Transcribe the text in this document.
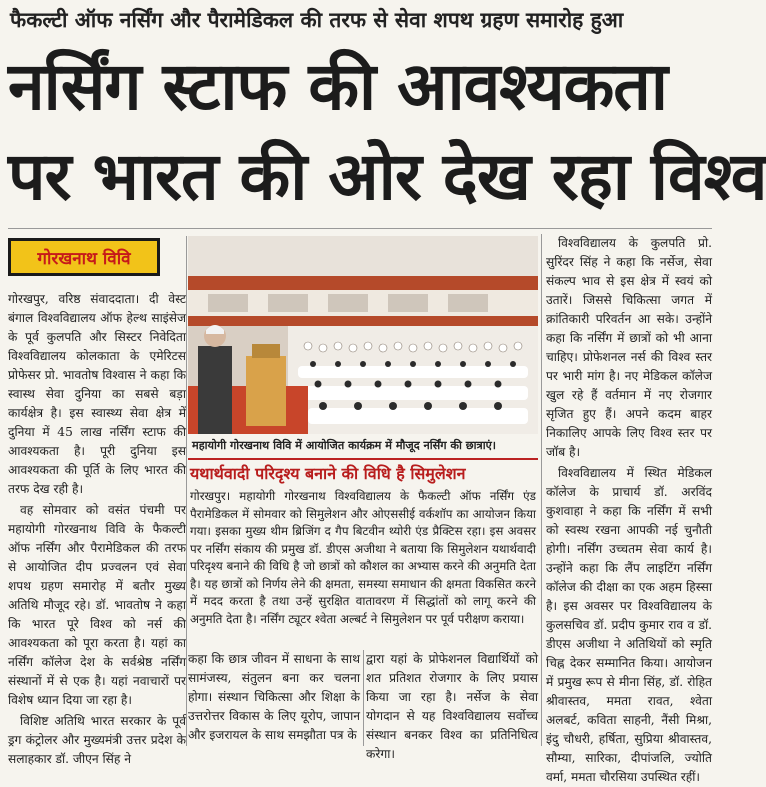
फैकल्टी ऑफ नर्सिंग और पैरामेडिकल की तरफ से सेवा शपथ ग्रहण समारोह हुआ
नर्सिंग स्टाफ की आवश्यकता
पर भारत की ओर देख रहा विश्व
गोरखनाथ विवि

गोरखपुर, वरिष्ठ संवाददाता। दी वेस्ट बंगाल विश्वविद्यालय ऑफ हेल्थ साइंसेज के पूर्व कुलपति और सिस्टर निवेदिता विश्वविद्यालय कोलकाता के एमेरिटस प्रोफेसर प्रो. भावतोष विश्वास ने कहा कि स्वास्थ सेवा दुनिया का सबसे बड़ा कार्यक्षेत्र है। इस स्वास्थ्य सेवा क्षेत्र में दुनिया में 45 लाख नर्सिंग स्टाफ की आवश्यकता है। पूरी दुनिया इस आवश्यकता की पूर्ति के लिए भारत की तरफ देख रही है।

वह सोमवार को वसंत पंचमी पर महायोगी गोरखनाथ विवि के फैकल्टी ऑफ नर्सिंग और पैरामेडिकल की तरफ से आयोजित दीप प्रज्वलन एवं सेवा शपथ ग्रहण समारोह में बतौर मुख्य अतिथि मौजूद रहे। डॉ. भावतोष ने कहा कि भारत पूरे विश्व को नर्स की आवश्यकता को पूरा करता है। यहां का नर्सिंग कॉलेज देश के सर्वश्रेष्ठ नर्सिंग संस्थानों में से एक है। यहां नवाचारों पर विशेष ध्यान दिया जा रहा है।

विशिष्ट अतिथि भारत सरकार के पूर्व ड्रग कंट्रोलर और मुख्यमंत्री उत्तर प्रदेश के सलाहकार डॉ. जीएन सिंह ने

महायोगी गोरखनाथ विवि में आयोजित कार्यक्रम में मौजूद नर्सिंग की छात्राएं।
यथार्थवादी परिदृश्य बनाने की विधि है सिमुलेशन
गोरखपुर। महायोगी गोरखनाथ विश्वविद्यालय के फैकल्टी ऑफ नर्सिंग एंड पैरामेडिकल में सोमवार को सिमुलेशन और ओएससीई वर्कशॉप का आयोजन किया गया। इसका मुख्य थीम ब्रिजिंग द गैप बिटवीन थ्योरी एंड प्रैक्टिस रहा। इस अवसर पर नर्सिंग संकाय की प्रमुख डॉ. डीएस अजीथा ने बताया कि सिमुलेशन यथार्थवादी परिदृश्य बनाने की विधि है जो छात्रों को कौशल का अभ्यास करने की अनुमति देता है। यह छात्रों को निर्णय लेने की क्षमता, समस्या समाधान की क्षमता विकसित करने में मदद करता है तथा उन्हें सुरक्षित वातावरण में सिद्धांतों को लागू करने की अनुमति देता है। नर्सिंग ट्यूटर श्वेता अल्बर्ट ने सिमुलेशन पर पूर्व परीक्षण कराया।

कहा कि छात्र जीवन में साधना के साथ सामंजस्य, संतुलन बना कर चलना होगा। संस्थान चिकित्सा और शिक्षा के उत्तरोत्तर विकास के लिए यूरोप, जापान और इजरायल के साथ समझौता पत्र के

द्वारा यहां के प्रोफेशनल विद्यार्थियों को शत प्रतिशत रोजगार के लिए प्रयास किया जा रहा है। नर्सेज के सेवा योगदान से यह विश्वविद्यालय सर्वोच्च संस्थान बनकर विश्व का प्रतिनिधित्व करेगा।

विश्वविद्यालय के कुलपति प्रो. सुरिंदर सिंह ने कहा कि नर्सेज, सेवा संकल्प भाव से इस क्षेत्र में स्वयं को उतारें। जिससे चिकित्सा जगत में क्रांतिकारी परिवर्तन आ सके। उन्होंने कहा कि नर्सिंग में छात्रों को भी आना चाहिए। प्रोफेशनल नर्स की विश्व स्तर पर भारी मांग है। नए मेडिकल कॉलेज खुल रहे हैं वर्तमान में नए रोजगार सृजित हुए हैं। अपने कदम बाहर निकालिए आपके लिए विश्व स्तर पर जॉब है।

विश्वविद्यालय में स्थित मेडिकल कॉलेज के प्राचार्य डॉ. अरविंद कुशवाहा ने कहा कि नर्सिंग में सभी को स्वस्थ रखना आपकी नई चुनौती होगी। नर्सिंग उच्चतम सेवा कार्य है। उन्होंने कहा कि लैंप लाइटिंग नर्सिंग कॉलेज की दीक्षा का एक अहम हिस्सा है। इस अवसर पर विश्वविद्यालय के कुलसचिव डॉ. प्रदीप कुमार राव व डॉ. डीएस अजीथा ने अतिथियों को स्मृति चिह्न देकर सम्मानित किया। आयोजन में प्रमुख रूप से मीना सिंह, डॉ. रोहित श्रीवास्तव, ममता रावत, श्वेता अलबर्ट, कविता साहनी, नैंसी मिश्रा, इंदु चौधरी, हर्षिता, सुप्रिया श्रीवास्तव, सौम्या, सारिका, दीपांजलि, ज्योति वर्मा, ममता चौरसिया उपस्थित रहीं।
